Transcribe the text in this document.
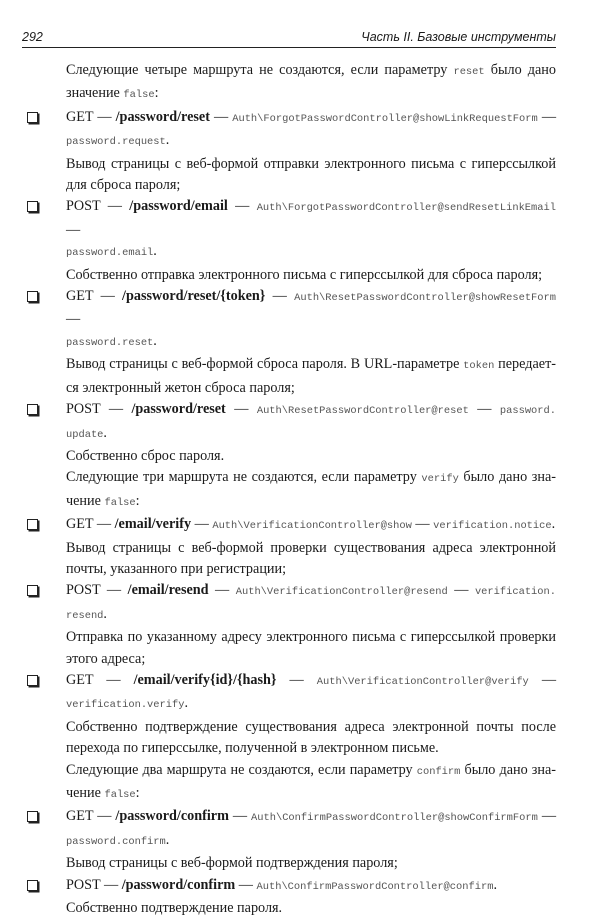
292	Часть II. Базовые инструменты
Следующие четыре маршрута не создаются, если параметру reset было дано
значение false:
GET — /password/reset — Auth\ForgotPasswordController@showLinkRequestForm —
password.request.
Вывод страницы с веб-формой отправки электронного письма с гиперссылкой
для сброса пароля;
POST — /password/email — Auth\ForgotPasswordController@sendResetLinkEmail —
password.email.
Собственно отправка электронного письма с гиперссылкой для сброса пароля;
GET — /password/reset/{token} — Auth\ResetPasswordController@showResetForm —
password.reset.
Вывод страницы с веб-формой сброса пароля. В URL-параметре token передает-
ся электронный жетон сброса пароля;
POST — /password/reset — Auth\ResetPasswordController@reset — password.
update.
Собственно сброс пароля.
Следующие три маршрута не создаются, если параметру verify было дано зна-
чение false:
GET — /email/verify — Auth\VerificationController@show — verification.notice.
Вывод страницы с веб-формой проверки существования адреса электронной
почты, указанного при регистрации;
POST — /email/resend — Auth\VerificationController@resend — verification.
resend.
Отправка по указанному адресу электронного письма с гиперссылкой проверки
этого адреса;
GET — /email/verify{id}/{hash} — Auth\VerificationController@verify —
verification.verify.
Собственно подтверждение существования адреса электронной почты после
перехода по гиперссылке, полученной в электронном письме.
Следующие два маршрута не создаются, если параметру confirm было дано зна-
чение false:
GET — /password/confirm — Auth\ConfirmPasswordController@showConfirmForm —
password.confirm.
Вывод страницы с веб-формой подтверждения пароля;
POST — /password/confirm — Auth\ConfirmPasswordController@confirm.
Собственно подтверждение пароля.
